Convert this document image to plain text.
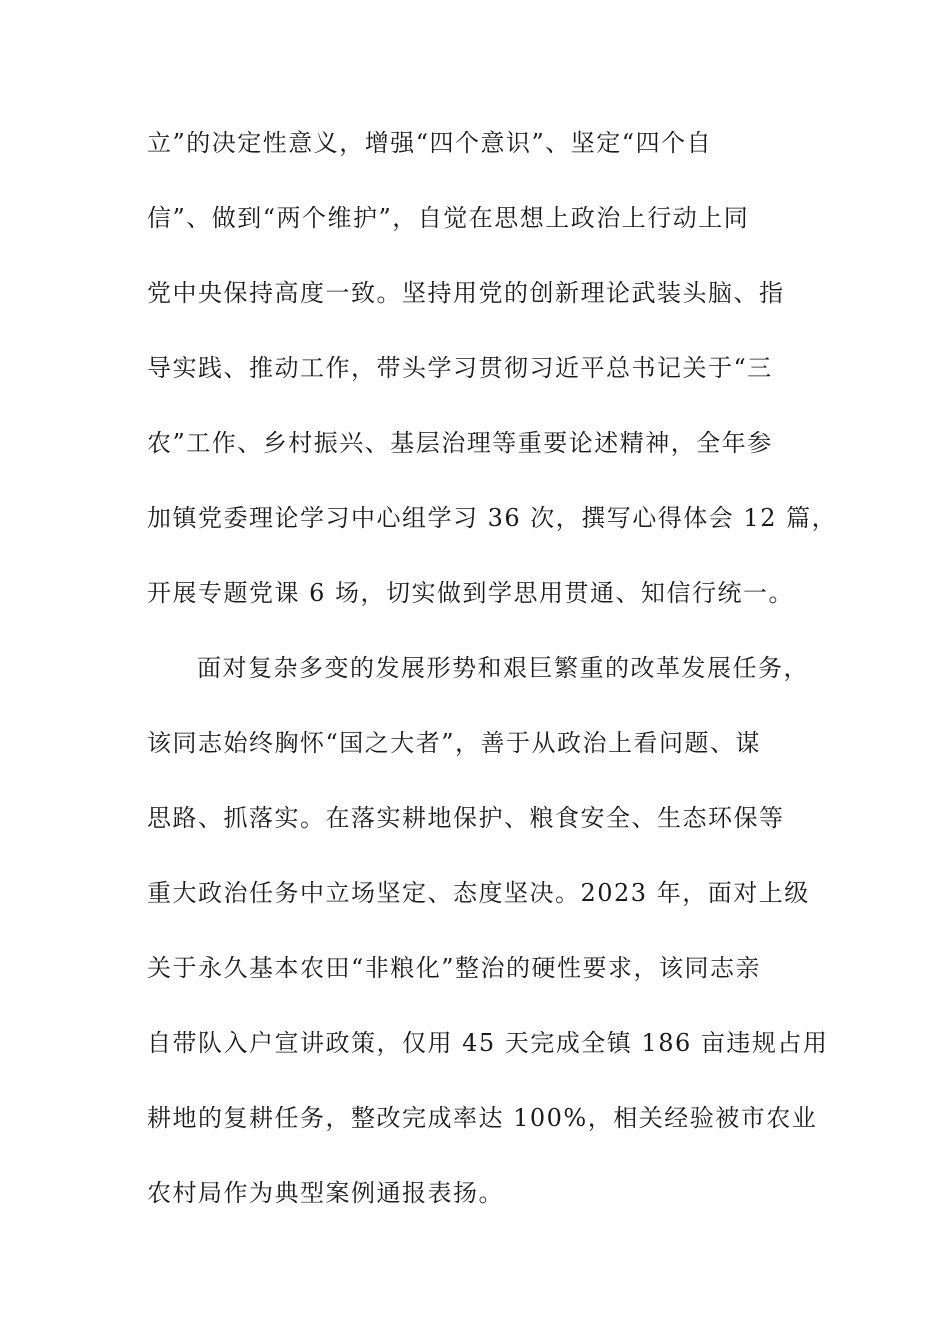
立”的决定性意义，增强“四个意识”、坚定“四个自
信”、做到“两个维护”，自觉在思想上政治上行动上同
党中央保持高度一致。坚持用党的创新理论武装头脑、指
导实践、推动工作，带头学习贯彻习近平总书记关于“三
农”工作、乡村振兴、基层治理等重要论述精神，全年参
加镇党委理论学习中心组学习 36 次，撰写心得体会 12 篇，
开展专题党课 6 场，切实做到学思用贯通、知信行统一。
面对复杂多变的发展形势和艰巨繁重的改革发展任务，
该同志始终胸怀“国之大者”，善于从政治上看问题、谋
思路、抓落实。在落实耕地保护、粮食安全、生态环保等
重大政治任务中立场坚定、态度坚决。2023 年，面对上级
关于永久基本农田“非粮化”整治的硬性要求，该同志亲
自带队入户宣讲政策，仅用 45 天完成全镇 186 亩违规占用
耕地的复耕任务，整改完成率达 100%，相关经验被市农业
农村局作为典型案例通报表扬。
